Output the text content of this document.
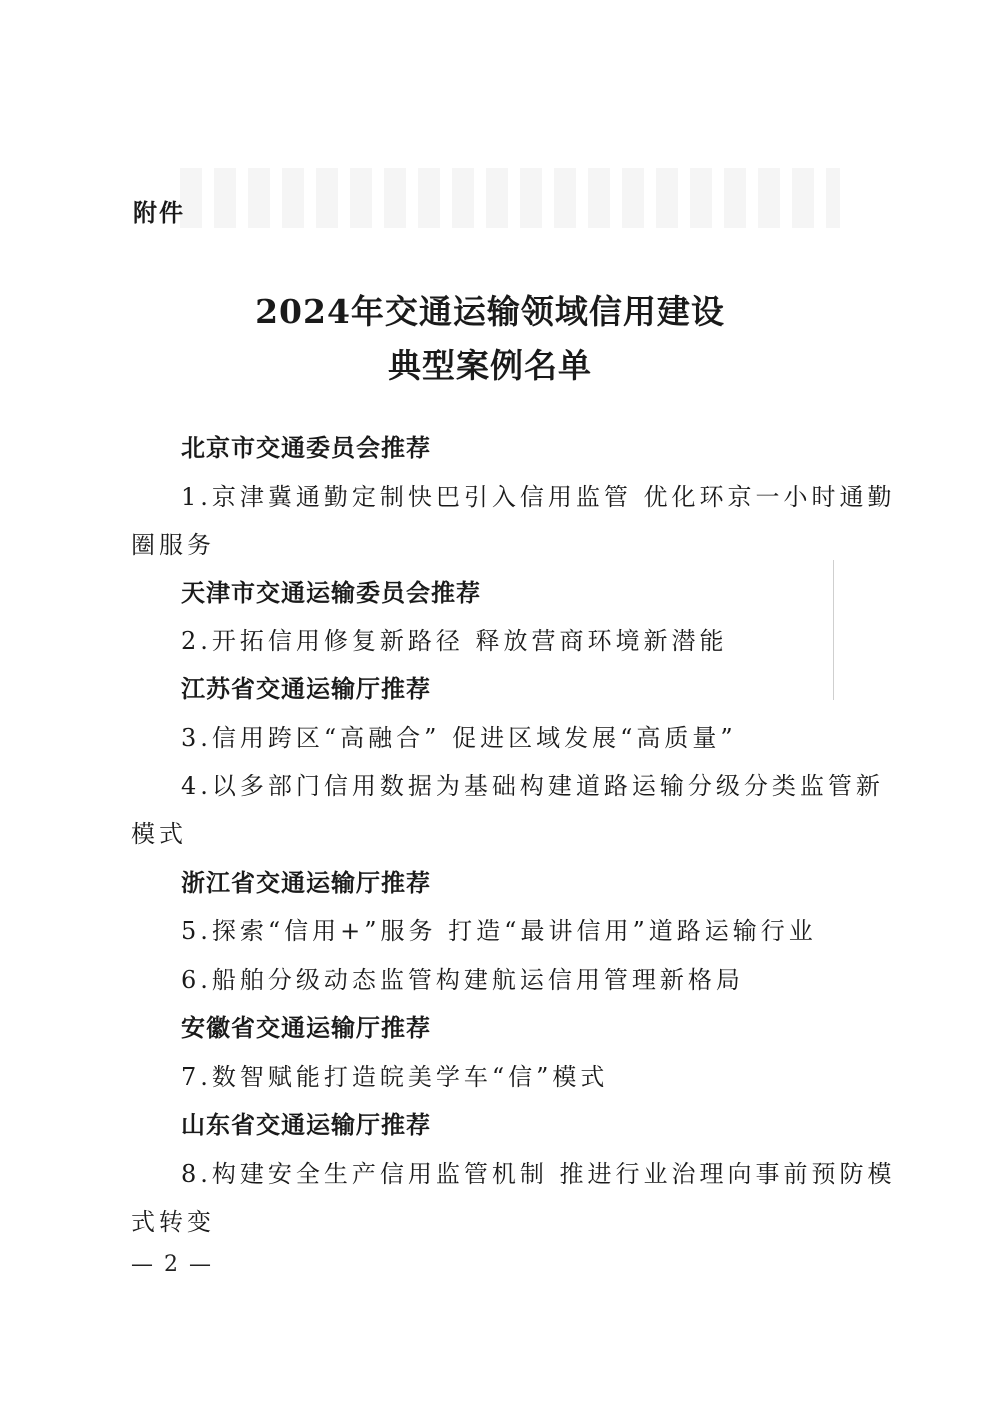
附件
2024年交通运输领域信用建设
典型案例名单
北京市交通委员会推荐
1.京津冀通勤定制快巴引入信用监管 优化环京一小时通勤
圈服务
天津市交通运输委员会推荐
2.开拓信用修复新路径 释放营商环境新潜能
江苏省交通运输厅推荐
3.信用跨区“高融合” 促进区域发展“高质量”
4.以多部门信用数据为基础构建道路运输分级分类监管新
模式
浙江省交通运输厅推荐
5.探索“信用+”服务 打造“最讲信用”道路运输行业
6.船舶分级动态监管构建航运信用管理新格局
安徽省交通运输厅推荐
7.数智赋能打造皖美学车“信”模式
山东省交通运输厅推荐
8.构建安全生产信用监管机制 推进行业治理向事前预防模
式转变
— 2 —
